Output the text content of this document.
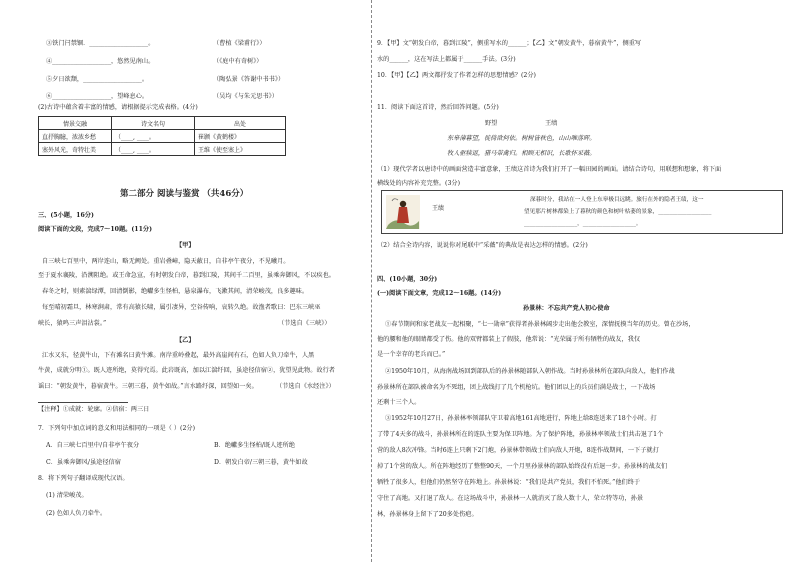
③铁门闩禁锢．___________________。	（曹植《梁甫行》）
④___________________，悠然见南山。	（《庭中有奇树》）
⑤夕日欲颓，___________________。	（陶弘景《答谢中书书》）
⑥___________________，望峰息心。	（吴均《与朱元思书》）
(2)古诗中蕴含着丰富的情感，请根据提示完成表格。(4分)
情景交融	诗文名句	出处
直抒胸臆，浓浓乡愁	（____, ____。	崔颢《黄鹤楼》
塞外风光，奇特壮美	（____, ____。	王维《使至塞上》
第二部分 阅读与鉴赏 （共46分）
三、(5小题，16分)
阅读下面的文段，完成7～10题。(11分)
【甲】
自三峡七百里中，两岸连山，略无阙处。重岩叠嶂，隐天蔽日，自非亭午夜分，不见曦月。
至于夏水襄陵，沿溯阻绝。或王命急宣，有时朝发白帝，暮到江陵，其间千二百里，虽乘奔御风，不以疾也。
春冬之时，则素湍绿潭，回清倒影，绝巘多生怪柏，悬泉瀑布，飞漱其间，清荣峻茂，良多趣味。
每至晴初霜旦，林寒涧肃，常有高猿长啸，属引凄异，空谷传响，哀转久绝。故渔者歌曰：巴东三峡巫
峡长，猿鸣三声泪沾裳。”	（节选自《三峡》）
【乙】
江水又东，径黄牛山，下有滩名曰黄牛滩。南岸重岭叠起，最外高崖间有石，色如人负刀牵牛，人黑
牛黄，成就分明①。既人迹所绝，莫得究焉。此岩既高，加以江湍纡回，虽途径信宿②，犹望见此物。故行者
谣曰：“朝发黄牛，暮宿黄牛。三朝三暮，黄牛如故。”言水路纡深，回望如一矣。	（节选自《水经注》）
【注释】①成就：轮廓。②信宿：两三日
7．下列句中加点词的意义和用法相同的一项是（ ）(2分)
A．自三峡七百里中/自非亭午夜分	B．绝巘多生怪柏/既人迹所绝
C．虽乘奔御风/虽途径信宿	D．朝发白帝/三朝三暮，黄牛如故
8．将下列句子翻译成现代汉语。
(1) 清荣峻茂。
(2) 色如人负刀牵牛。
9．【甲】文“朝发白帝，暮到江陵”，侧重写水的______；【乙】文“朝发黄牛，暮宿黄牛”，侧重写
水的______，这在写法上都属于______手法。(3分)
10．【甲】【乙】两文都抒发了作者怎样的思想情感？(2分)
11．阅读下面这首诗，然后回答问题。(5分)
野望	王绩
东皋薄暮望，徙倚欲何依。树树皆秋色，山山唯落晖。
牧人驱犊返，猎马带禽归。相顾无相识，长歌怀采薇。
（1）现代学者以唐诗中的画面营造丰富意象，王绩这首诗为我们打开了一幅田园的画面。请结合诗句，用联想和想象，将下面
横线处的内容补充完整。(3分)
王绩
深暮时分，我站在一人登上东皋极目远眺。旅行在外的隐者王绩，这一
望见那片树林都染上了暮秋的颜色和树叶枯萎的景象，___________________
___________________，___________________。
（2）结合全诗内容，说说你对尾联中“采薇”的典故是表达怎样的情感。(2分)
四、(10小题，30分)
(一)阅读下面文章，完成12～16题。(14分)
孙景林：不忘共产党人初心使命
①春节期间和家老战友一起相聚，“七一勋章”获得者孙景林阔步走出他会教室，深情抚摸当年的历史。曾在沙场，
他的腰和他的眼睛都受了伤。他的双臂都装上了假肢，他常说：“光荣属于所有牺牲的战友，我仅
是一个幸存的老兵而已。”
②1950年10月，从海南战场回到部队后的孙景林随部队入朝作战。当时孙景林所在部队向敌人，他们作战
孙景林所在部队被命名为不死组，团上战线打了几个机枪坑。他们团以上的兵员们满是战士，一下战场
还剩十三个人。
③1952年10月27日，孙景林率领部队守卫着高地161高地进行，阵地上给8连送来了18个小时。打
了带了4天多的战斗，孙景林所在的连队主要为保卫阵地。为了保护阵地，孙景林率领战士们共击退了1个
营的敌人8次冲锋。当时6连上只剩下2门炮，孙景林带领战士们向敌人开炮，8连作战期间，一下子就打
掉了1个营的敌人。所在阵地经历了整整90天，一个月里孙景林的部队始终没有后退一步。孙景林的战友们
牺牲了很多人，但他们仍然坚守在阵地上。孙景林说：“我们是共产党员，我们不怕死。”他们终于
守住了高地。又打退了敌人。在这场战斗中，孙景林一人就消灭了敌人数十人，荣立特等功，孙景
林，孙景林身上留下了20多处伤疤。
